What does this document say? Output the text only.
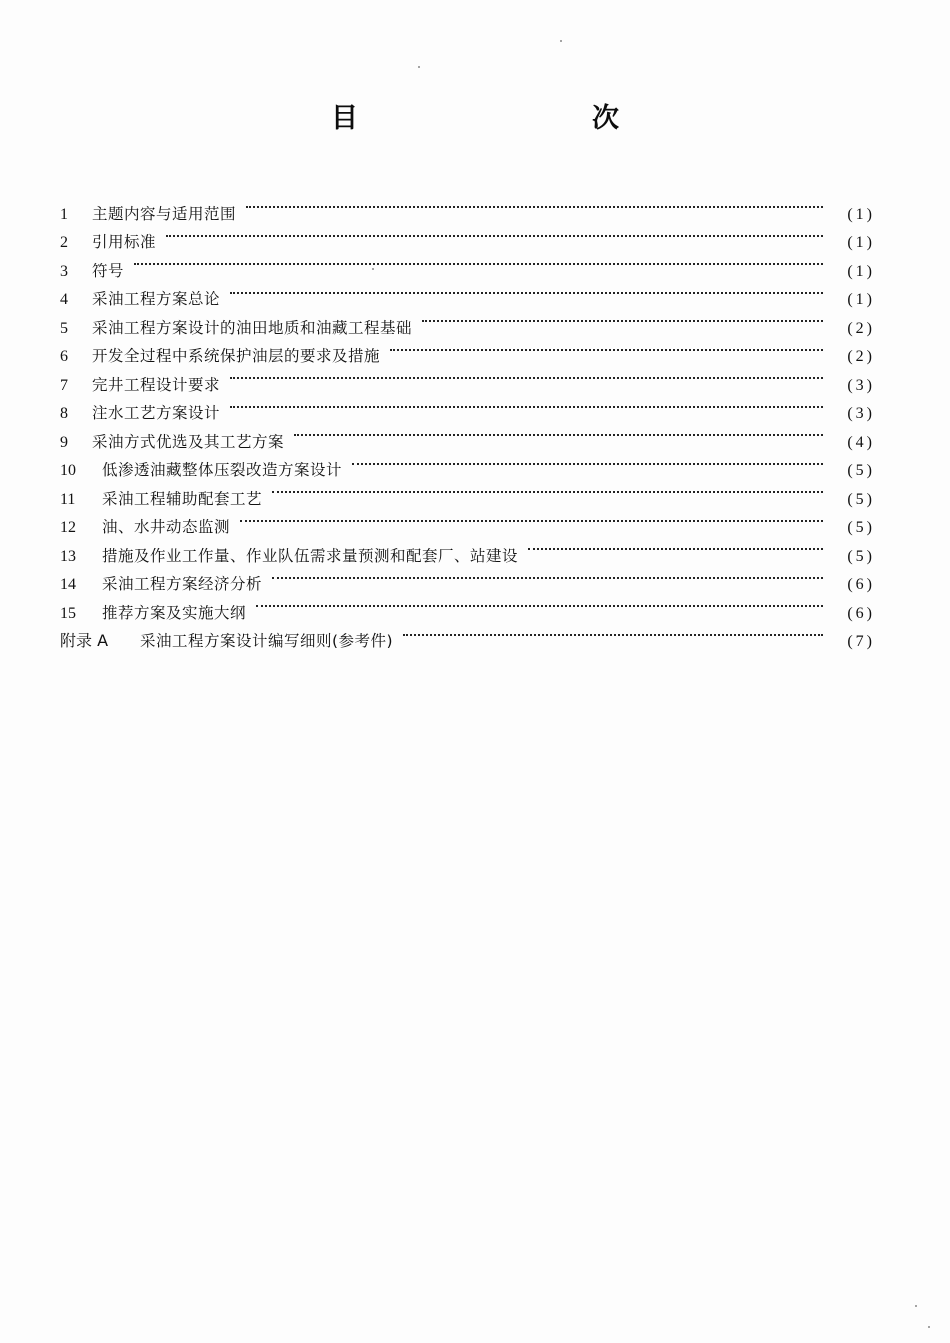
目　　次
1	主题内容与适用范围	(1)
2	引用标准	(1)
3	符号	(1)
4	采油工程方案总论	(1)
5	采油工程方案设计的油田地质和油藏工程基础	(2)
6	开发全过程中系统保护油层的要求及措施	(2)
7	完井工程设计要求	(3)
8	注水工艺方案设计	(3)
9	采油方式优选及其工艺方案	(4)
10	低渗透油藏整体压裂改造方案设计	(5)
11	采油工程辅助配套工艺	(5)
12	油、水井动态监测	(5)
13	措施及作业工作量、作业队伍需求量预测和配套厂、站建设	(5)
14	采油工程方案经济分析	(6)
15	推荐方案及实施大纲	(6)
附录 A	采油工程方案设计编写细则(参考件)	(7)
